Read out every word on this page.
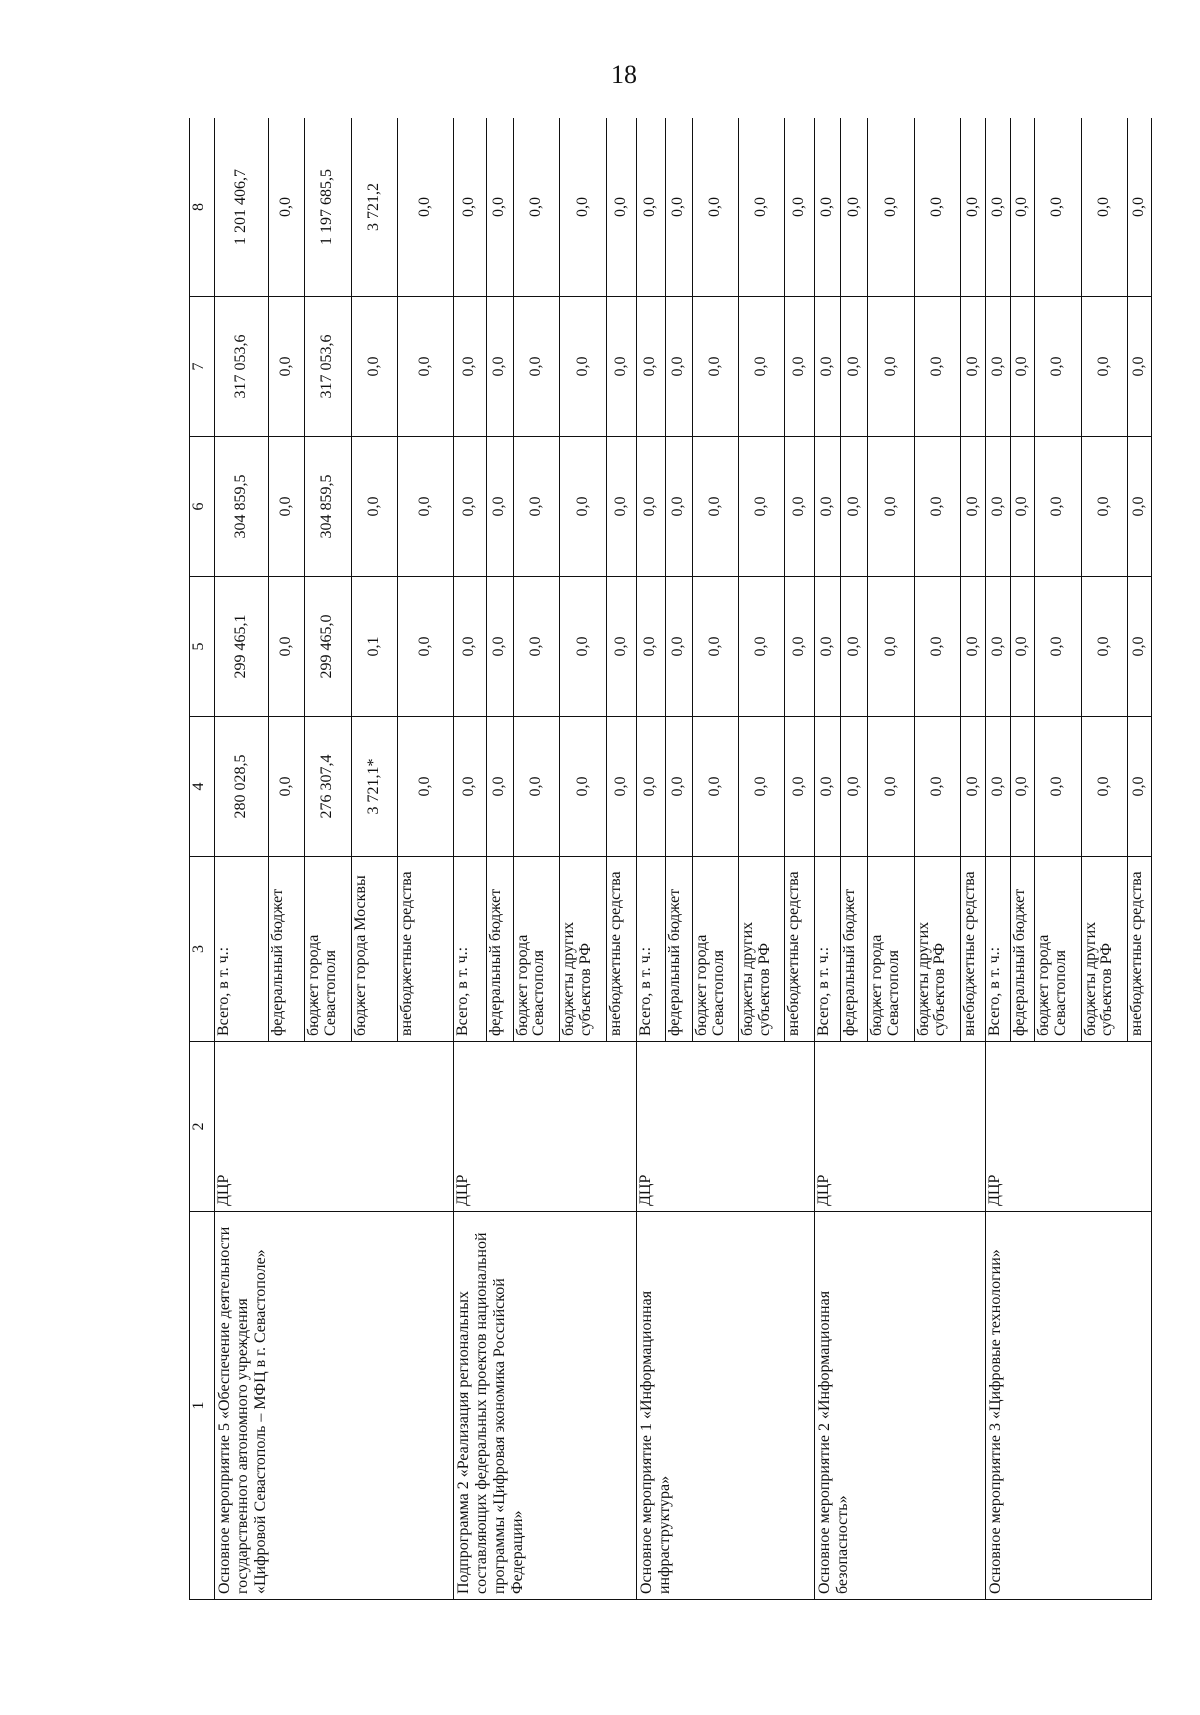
18
1	2	3	4	5	6	7	8
Основное мероприятие 5 «Обеспечение деятельности государственного автономного учреждения «Цифровой Севастополь – МФЦ в г. Севастополе»	ДЦР	Всего, в т. ч.:	280 028,5	299 465,1	304 859,5	317 053,6	1 201 406,7
		федеральный бюджет	0,0	0,0	0,0	0,0	0,0
		бюджет города Севастополя	276 307,4	299 465,0	304 859,5	317 053,6	1 197 685,5
		бюджет города Москвы	3 721,1*	0,1	0,0	0,0	3 721,2
		внебюджетные средства	0,0	0,0	0,0	0,0	0,0
Подпрограмма 2 «Реализация региональных составляющих федеральных проектов национальной программы «Цифровая экономика Российской Федерации»	ДЦР	Всего, в т. ч.:	0,0	0,0	0,0	0,0	0,0
		федеральный бюджет	0,0	0,0	0,0	0,0	0,0
		бюджет города Севастополя	0,0	0,0	0,0	0,0	0,0
		бюджеты других субъектов РФ	0,0	0,0	0,0	0,0	0,0
		внебюджетные средства	0,0	0,0	0,0	0,0	0,0
Основное мероприятие 1 «Информационная инфраструктура»	ДЦР	Всего, в т. ч.:	0,0	0,0	0,0	0,0	0,0
		федеральный бюджет	0,0	0,0	0,0	0,0	0,0
		бюджет города Севастополя	0,0	0,0	0,0	0,0	0,0
		бюджеты других субъектов РФ	0,0	0,0	0,0	0,0	0,0
		внебюджетные средства	0,0	0,0	0,0	0,0	0,0
Основное мероприятие 2 «Информационная безопасность»	ДЦР	Всего, в т. ч.:	0,0	0,0	0,0	0,0	0,0
		федеральный бюджет	0,0	0,0	0,0	0,0	0,0
		бюджет города Севастополя	0,0	0,0	0,0	0,0	0,0
		бюджеты других субъектов РФ	0,0	0,0	0,0	0,0	0,0
		внебюджетные средства	0,0	0,0	0,0	0,0	0,0
Основное мероприятие 3 «Цифровые технологии»	ДЦР	Всего, в т. ч.:	0,0	0,0	0,0	0,0	0,0
		федеральный бюджет	0,0	0,0	0,0	0,0	0,0
		бюджет города Севастополя	0,0	0,0	0,0	0,0	0,0
		бюджеты других субъектов РФ	0,0	0,0	0,0	0,0	0,0
		внебюджетные средства	0,0	0,0	0,0	0,0	0,0
